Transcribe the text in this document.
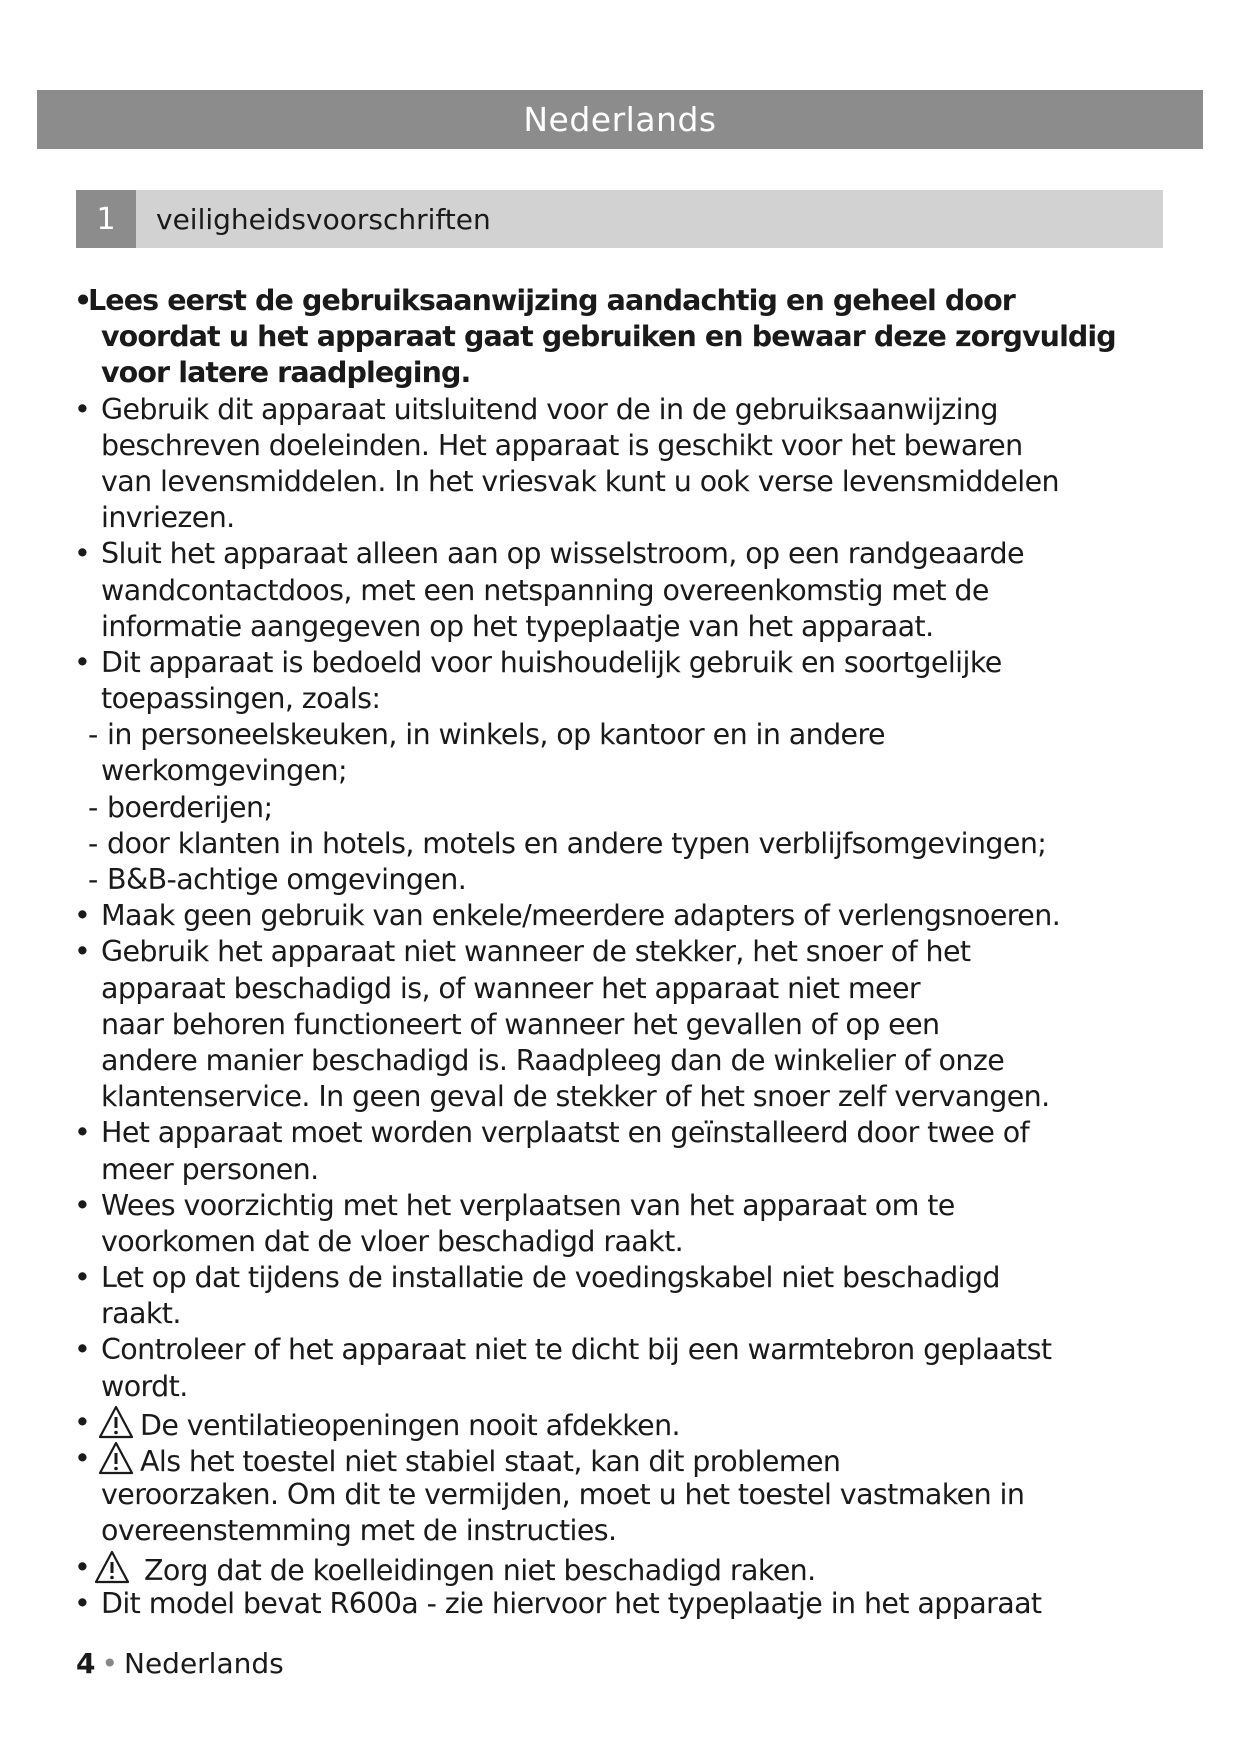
Nederlands
1	veiligheidsvoorschriften
•
Lees eerst de gebruiksaanwijzing aandachtig en geheel door
voordat u het apparaat gaat gebruiken en bewaar deze zorgvuldig
voor latere raadpleging.
• Gebruik dit apparaat uitsluitend voor de in de gebruiksaanwijzing
beschreven doeleinden. Het apparaat is geschikt voor het bewaren
van levensmiddelen. In het vriesvak kunt u ook verse levensmiddelen
invriezen.
• Sluit het apparaat alleen aan op wisselstroom, op een randgeaarde
wandcontactdoos, met een netspanning overeenkomstig met de
informatie aangegeven op het typeplaatje van het apparaat.
• Dit apparaat is bedoeld voor huishoudelijk gebruik en soortgelijke
toepassingen, zoals:
- in personeelskeuken, in winkels, op kantoor en in andere
werkomgevingen;
- boerderijen;
- door klanten in hotels, motels en andere typen verblijfsomgevingen;
- B&B-achtige omgevingen.
• Maak geen gebruik van enkele/meerdere adapters of verlengsnoeren.
• Gebruik het apparaat niet wanneer de stekker, het snoer of het
apparaat beschadigd is, of wanneer het apparaat niet meer
naar behoren functioneert of wanneer het gevallen of op een
andere manier beschadigd is. Raadpleeg dan de winkelier of onze
klantenservice. In geen geval de stekker of het snoer zelf vervangen.
• Het apparaat moet worden verplaatst en geïnstalleerd door twee of
meer personen.
• Wees voorzichtig met het verplaatsen van het apparaat om te
voorkomen dat de vloer beschadigd raakt.
• Let op dat tijdens de installatie de voedingskabel niet beschadigd
raakt.
• Controleer of het apparaat niet te dicht bij een warmtebron geplaatst
wordt.
•	De ventilatieopeningen nooit afdekken.
•	Als het toestel niet stabiel staat, kan dit problemen
veroorzaken. Om dit te vermijden, moet u het toestel vastmaken in
overeenstemming met de instructies.
•	Zorg dat de koelleidingen niet beschadigd raken.
• Dit model bevat R600a - zie hiervoor het typeplaatje in het apparaat
4 • Nederlands
